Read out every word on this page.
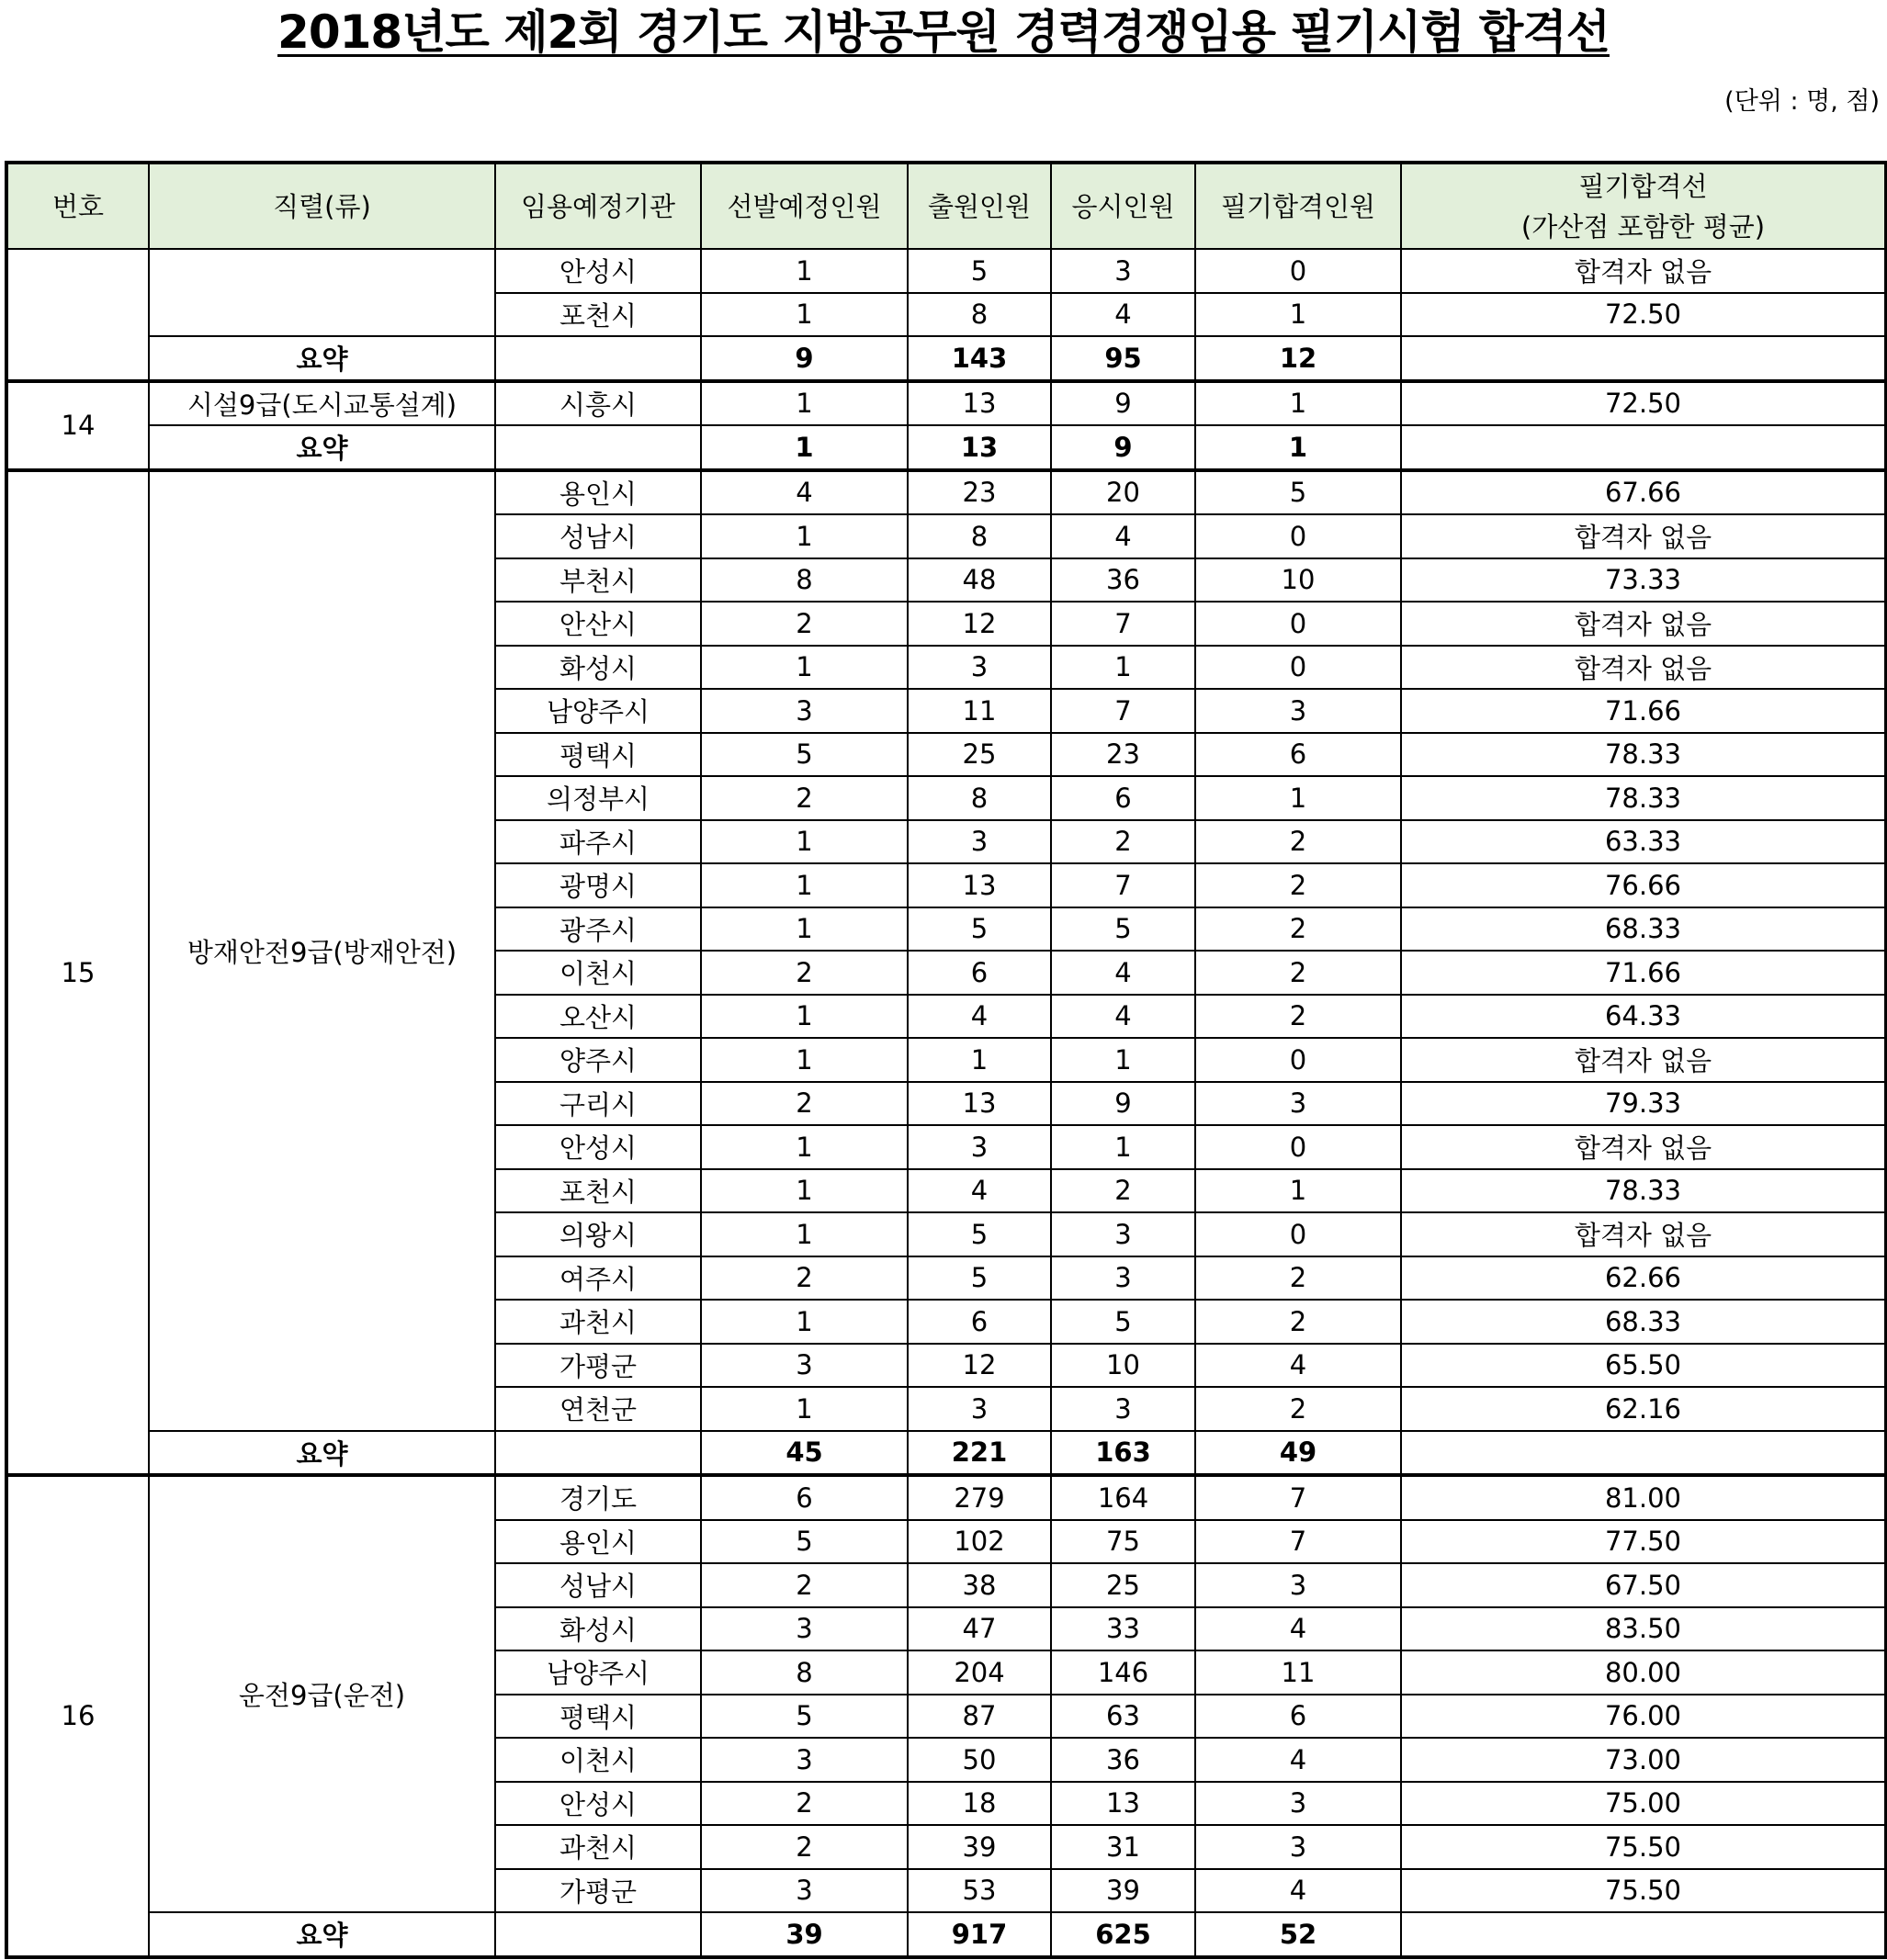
2018년도 제2회 경기도 지방공무원 경력경쟁임용 필기시험 합격선
(단위 : 명, 점)
번호	직렬(류)	임용예정기관	선발예정인원	출원인원	응시인원	필기합격인원	필기합격선
(가산점 포함한 평균)

		안성시	1	5	3	0	합격자 없음
		포천시	1	8	4	1	72.50
	요약		9	143	95	12	
14	시설9급(도시교통설계)	시흥시	1	13	9	1	72.50
	요약		1	13	9	1	
15	방재안전9급(방재안전)	용인시	4	23	20	5	67.66
		성남시	1	8	4	0	합격자 없음
		부천시	8	48	36	10	73.33
		안산시	2	12	7	0	합격자 없음
		화성시	1	3	1	0	합격자 없음
		남양주시	3	11	7	3	71.66
		평택시	5	25	23	6	78.33
		의정부시	2	8	6	1	78.33
		파주시	1	3	2	2	63.33
		광명시	1	13	7	2	76.66
		광주시	1	5	5	2	68.33
		이천시	2	6	4	2	71.66
		오산시	1	4	4	2	64.33
		양주시	1	1	1	0	합격자 없음
		구리시	2	13	9	3	79.33
		안성시	1	3	1	0	합격자 없음
		포천시	1	4	2	1	78.33
		의왕시	1	5	3	0	합격자 없음
		여주시	2	5	3	2	62.66
		과천시	1	6	5	2	68.33
		가평군	3	12	10	4	65.50
		연천군	1	3	3	2	62.16
	요약		45	221	163	49	
16	운전9급(운전)	경기도	6	279	164	7	81.00
		용인시	5	102	75	7	77.50
		성남시	2	38	25	3	67.50
		화성시	3	47	33	4	83.50
		남양주시	8	204	146	11	80.00
		평택시	5	87	63	6	76.00
		이천시	3	50	36	4	73.00
		안성시	2	18	13	3	75.00
		과천시	2	39	31	3	75.50
		가평군	3	53	39	4	75.50
	요약		39	917	625	52	
